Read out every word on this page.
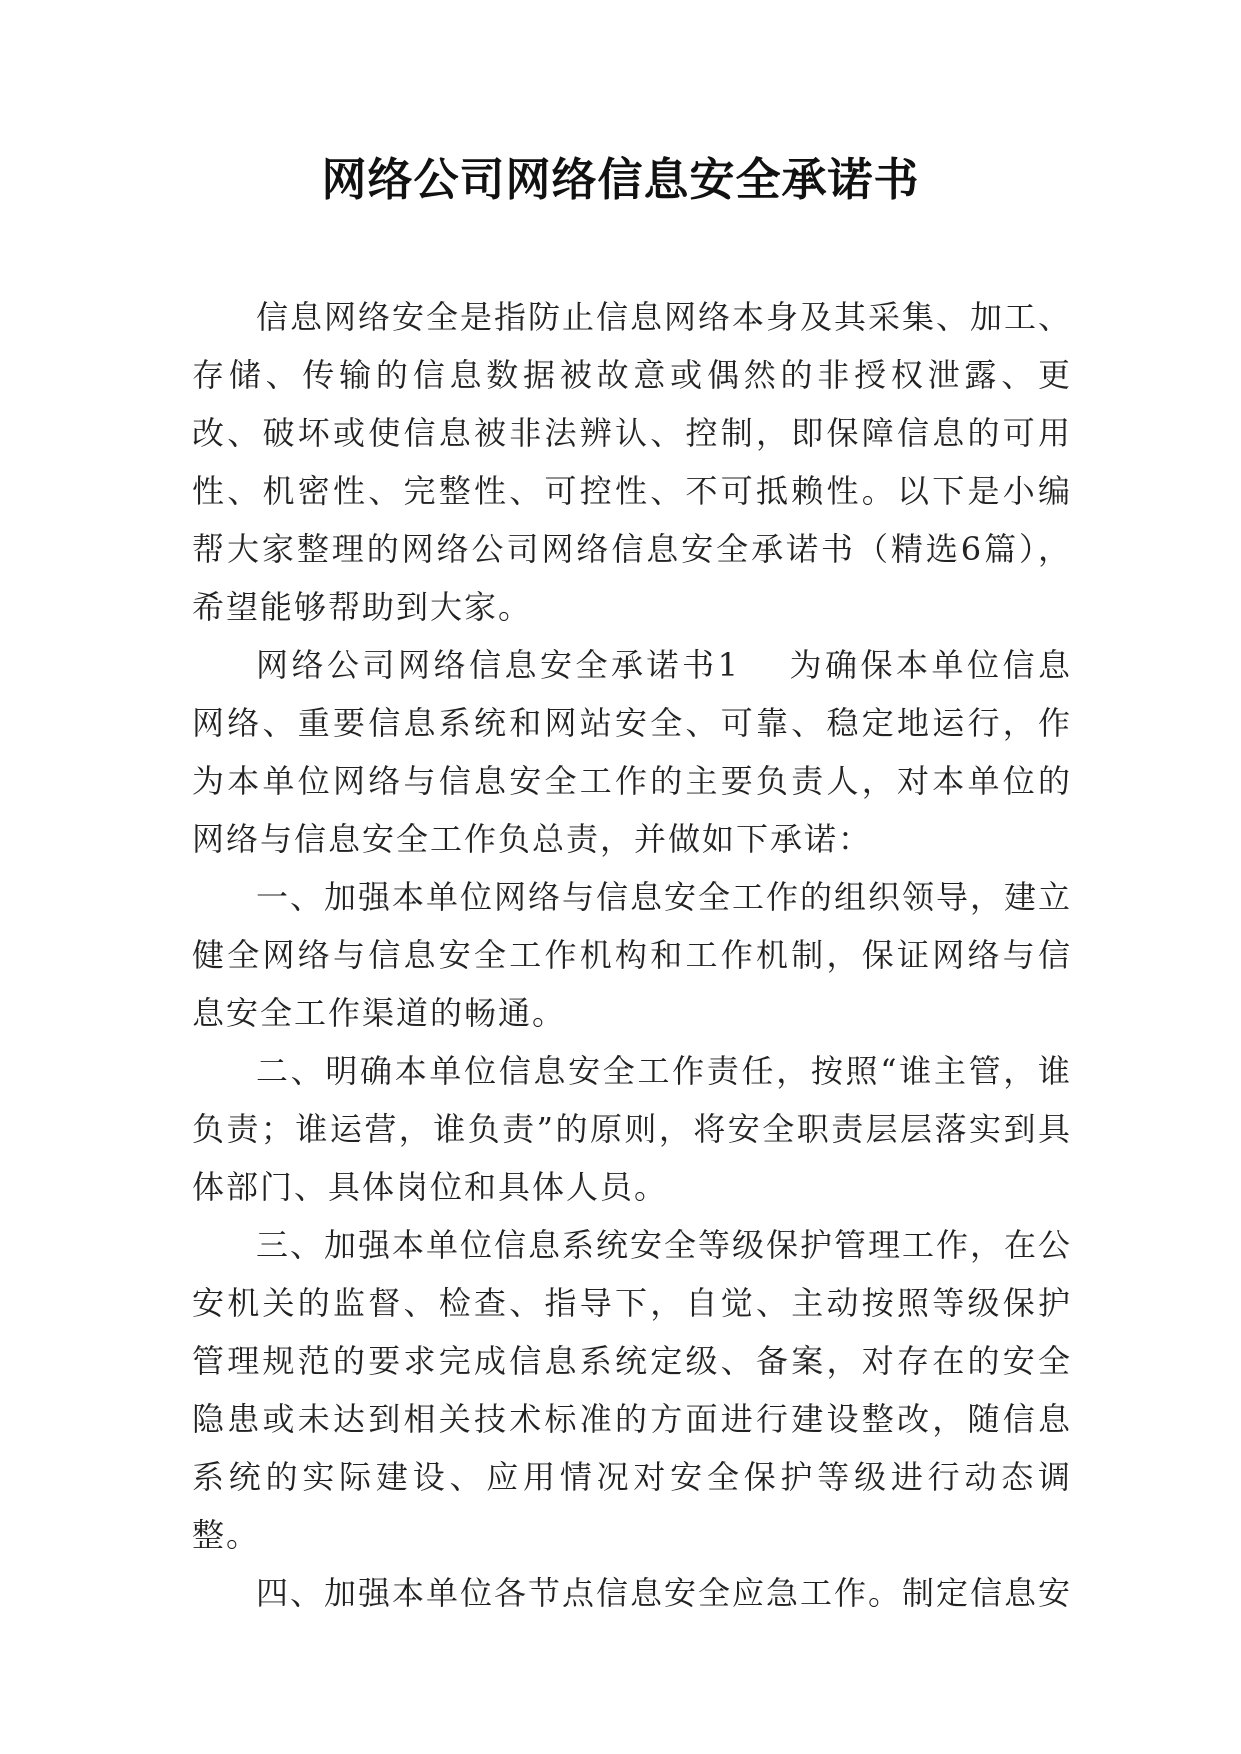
网络公司网络信息安全承诺书

信息网络安全是指防止信息网络本身及其采集、加工、存储、传输的信息数据被故意或偶然的非授权泄露、更改、破坏或使信息被非法辨认、控制，即保障信息的可用性、机密性、完整性、可控性、不可抵赖性。以下是小编帮大家整理的网络公司网络信息安全承诺书（精选6篇），希望能够帮助到大家。

网络公司网络信息安全承诺书1 为确保本单位信息网络、重要信息系统和网站安全、可靠、稳定地运行，作为本单位网络与信息安全工作的主要负责人，对本单位的网络与信息安全工作负总责，并做如下承诺：

一、加强本单位网络与信息安全工作的组织领导，建立健全网络与信息安全工作机构和工作机制，保证网络与信息安全工作渠道的畅通。

二、明确本单位信息安全工作责任，按照“谁主管，谁负责；谁运营，谁负责”的原则，将安全职责层层落实到具体部门、具体岗位和具体人员。

三、加强本单位信息系统安全等级保护管理工作，在公安机关的监督、检查、指导下，自觉、主动按照等级保护管理规范的要求完成信息系统定级、备案，对存在的安全隐患或未达到相关技术标准的方面进行建设整改，随信息系统的实际建设、应用情况对安全保护等级进行动态调整。

四、加强本单位各节点信息安全应急工作。制定信息安
